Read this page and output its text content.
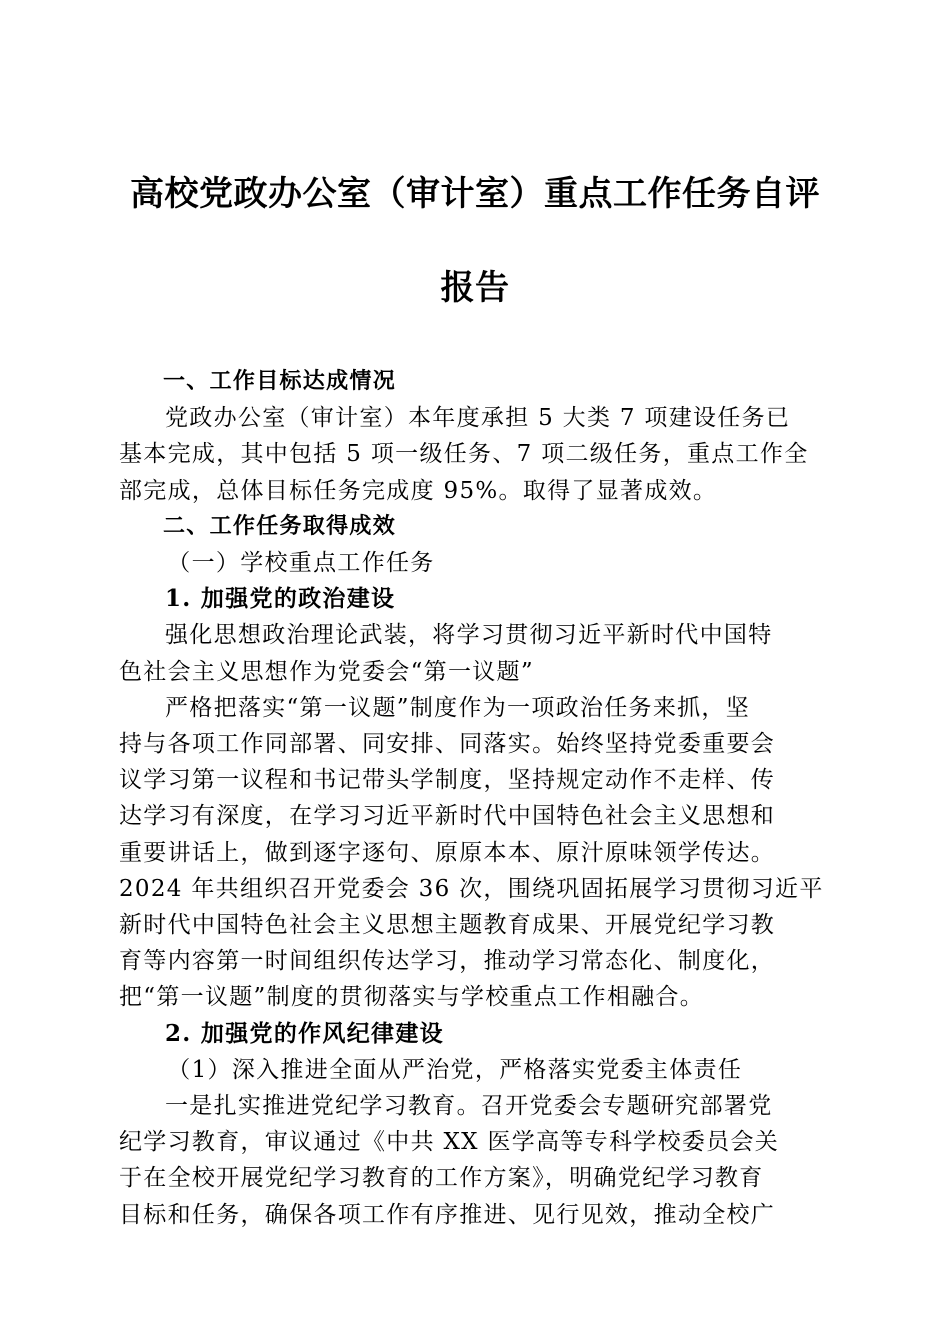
高校党政办公室（审计室）重点工作任务自评
报告
一、工作目标达成情况
党政办公室（审计室）本年度承担 5 大类 7 项建设任务已
基本完成，其中包括 5 项一级任务、7 项二级任务，重点工作全
部完成，总体目标任务完成度 95%。取得了显著成效。
二、工作任务取得成效
（一）学校重点工作任务
1. 加强党的政治建设
强化思想政治理论武装，将学习贯彻习近平新时代中国特
色社会主义思想作为党委会“第一议题”
严格把落实“第一议题”制度作为一项政治任务来抓，坚
持与各项工作同部署、同安排、同落实。始终坚持党委重要会
议学习第一议程和书记带头学制度，坚持规定动作不走样、传
达学习有深度，在学习习近平新时代中国特色社会主义思想和
重要讲话上，做到逐字逐句、原原本本、原汁原味领学传达。
2024 年共组织召开党委会 36 次，围绕巩固拓展学习贯彻习近平
新时代中国特色社会主义思想主题教育成果、开展党纪学习教
育等内容第一时间组织传达学习，推动学习常态化、制度化，
把“第一议题”制度的贯彻落实与学校重点工作相融合。
2. 加强党的作风纪律建设
（1）深入推进全面从严治党，严格落实党委主体责任
一是扎实推进党纪学习教育。召开党委会专题研究部署党
纪学习教育，审议通过《中共 XX 医学高等专科学校委员会关
于在全校开展党纪学习教育的工作方案》，明确党纪学习教育
目标和任务，确保各项工作有序推进、见行见效，推动全校广
